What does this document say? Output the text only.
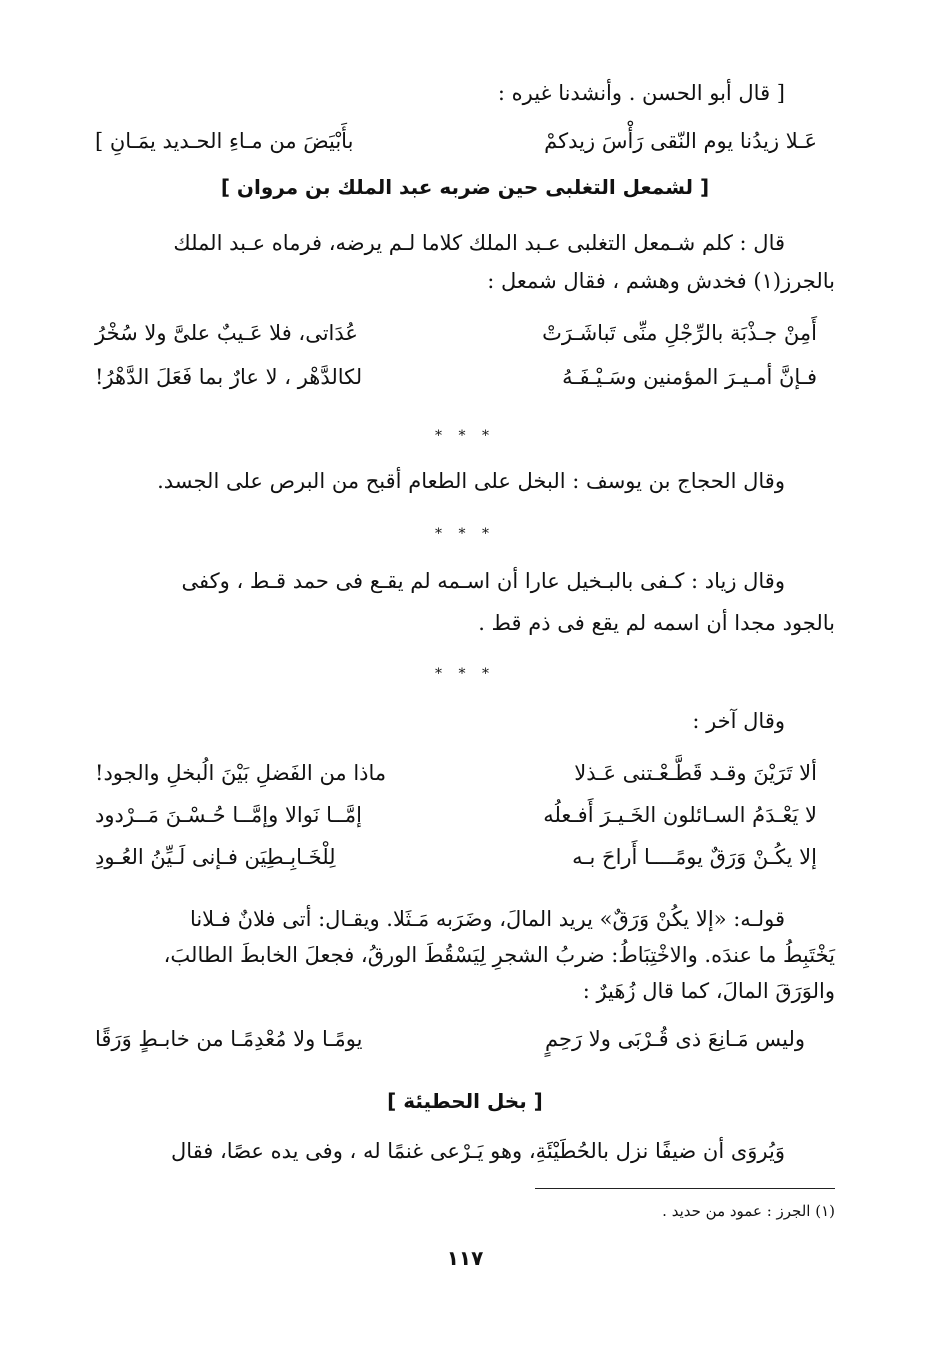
[ قال أبو الحسن . وأنشدنا غيره :
عَـلا زيدُنا يوم النّقى رَأْسَ زيدكمْ
بأَبْيَضَ من مـاءِ الحـديد يمَـانِ ]
[ لشمعل التغلبى حين ضربه عبد الملك بن مروان ]
قال : كلم شـمعل التغلبى عـبد الملك كلاما لـم يرضه، فرماه عـبد الملك
بالجرز(١) فخدش وهشم ، فقال شمعل :
أَمِنْ جـذْبَة بالرِّجْلِ منِّى تَباشَـرَتْ
عُدَاتى، فلا عَـيبٌ علىَّ ولا سُخْرُ
فـإنَّ أمـيـرَ المؤمنين وسَـيْـفَـهُ
لكالدَّهْر ، لا عارٌ بما فَعَلَ الدَّهْرُ!
* * *
وقال الحجاج بن يوسف : البخل على الطعام أقبح من البرص على الجسد.
* * *
وقال زياد : كـفى بالبـخيل عارا أن اسـمه لم يقـع فى حمد قـط ، وكفى
بالجود مجدا أن اسمه لم يقع فى ذم قط .
* * *
وقال آخر :
ألا تَرَيْنَ وقـد قَطَّـعْـتنى عَـذلا
ماذا من الفَضلِ بَيْنَ الُبخلِ والجود!
لا يَعْـدَمُ السـائلون الخَـيـرَ أَفـعلُه
إمَّــا نَوالا وإمَّــا حُـسْـنَ مَــرْدود
إلا يكُـنْ وَرَقٌ يومًــــا أَراحَ بـه
لِلْخَـابِـطِيَن فـإنى لَـيِّنُ العُـودِ
قولـه: «إلا يكُنْ وَرَقٌ» يريد المالَ، وضَرَبه مَـثَلا. ويقـال: أتى فلانٌ فـلانا
يَخْتَبِطُ ما عندَه. والاخْتِبَاطُ: ضربُ الشجرِ لِيَسْقُطَ الورقُ، فجعلَ الخابطَ الطالبَ،
والوَرَقَ المالَ، كما قال زُهَيرٌ :
وليس مَـانِعَ ذى قُـرْبَى ولا رَحِمٍ
يومًـا ولا مُعْدِمًـا من خابـطٍ وَرَقًا
[ بخل الحطيئة ]
وَيُروَى أن ضيفًا نزل بالحُطَيْئَةِ، وهو يَـرْعى غنمًا له ، وفى يده عصًا، فقال
(١) الجرز : عمود من حديد .
١١٧
